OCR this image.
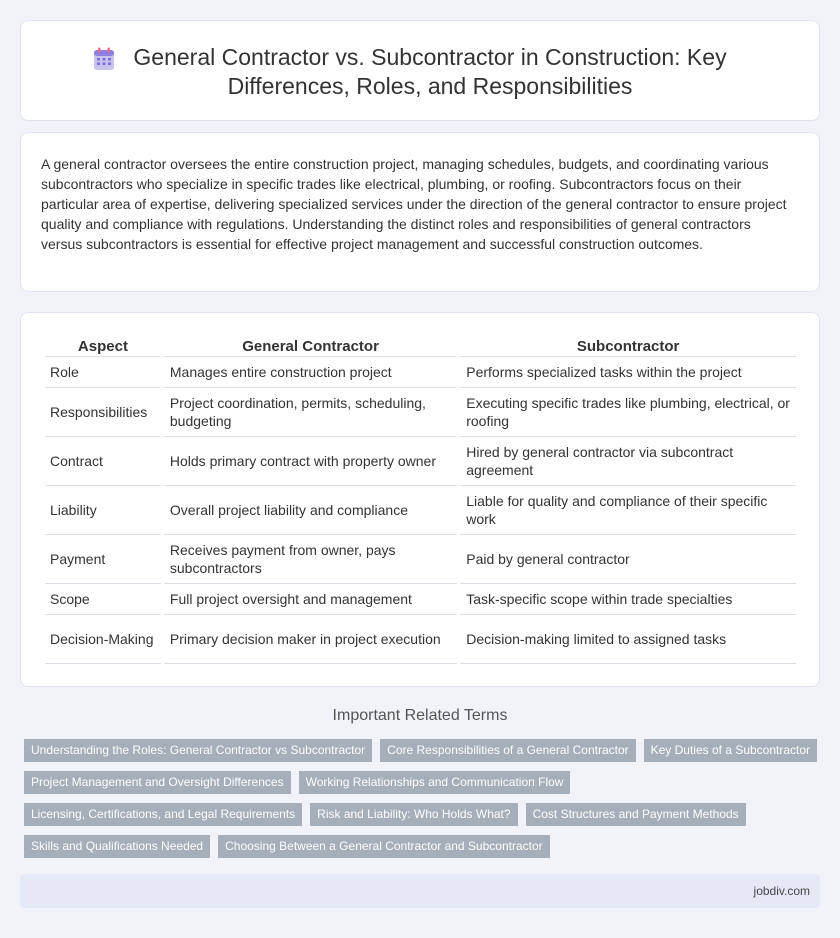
General Contractor vs. Subcontractor in Construction: Key Differences, Roles, and Responsibilities

A general contractor oversees the entire construction project, managing schedules, budgets, and coordinating various subcontractors who specialize in specific trades like electrical, plumbing, or roofing. Subcontractors focus on their particular area of expertise, delivering specialized services under the direction of the general contractor to ensure project quality and compliance with regulations. Understanding the distinct roles and responsibilities of general contractors versus subcontractors is essential for effective project management and successful construction outcomes.

Aspect	General Contractor	Subcontractor
Role	Manages entire construction project	Performs specialized tasks within the project
Responsibilities	Project coordination, permits, scheduling, budgeting	Executing specific trades like plumbing, electrical, or roofing
Contract	Holds primary contract with property owner	Hired by general contractor via subcontract agreement
Liability	Overall project liability and compliance	Liable for quality and compliance of their specific work
Payment	Receives payment from owner, pays subcontractors	Paid by general contractor
Scope	Full project oversight and management	Task-specific scope within trade specialties
Decision-Making	Primary decision maker in project execution	Decision-making limited to assigned tasks
Important Related Terms
Understanding the Roles: General Contractor vs Subcontractor	Core Responsibilities of a General Contractor	Key Duties of a Subcontractor
Project Management and Oversight Differences	Working Relationships and Communication Flow
Licensing, Certifications, and Legal Requirements	Risk and Liability: Who Holds What?	Cost Structures and Payment Methods
Skills and Qualifications Needed	Choosing Between a General Contractor and Subcontractor
jobdiv.com
